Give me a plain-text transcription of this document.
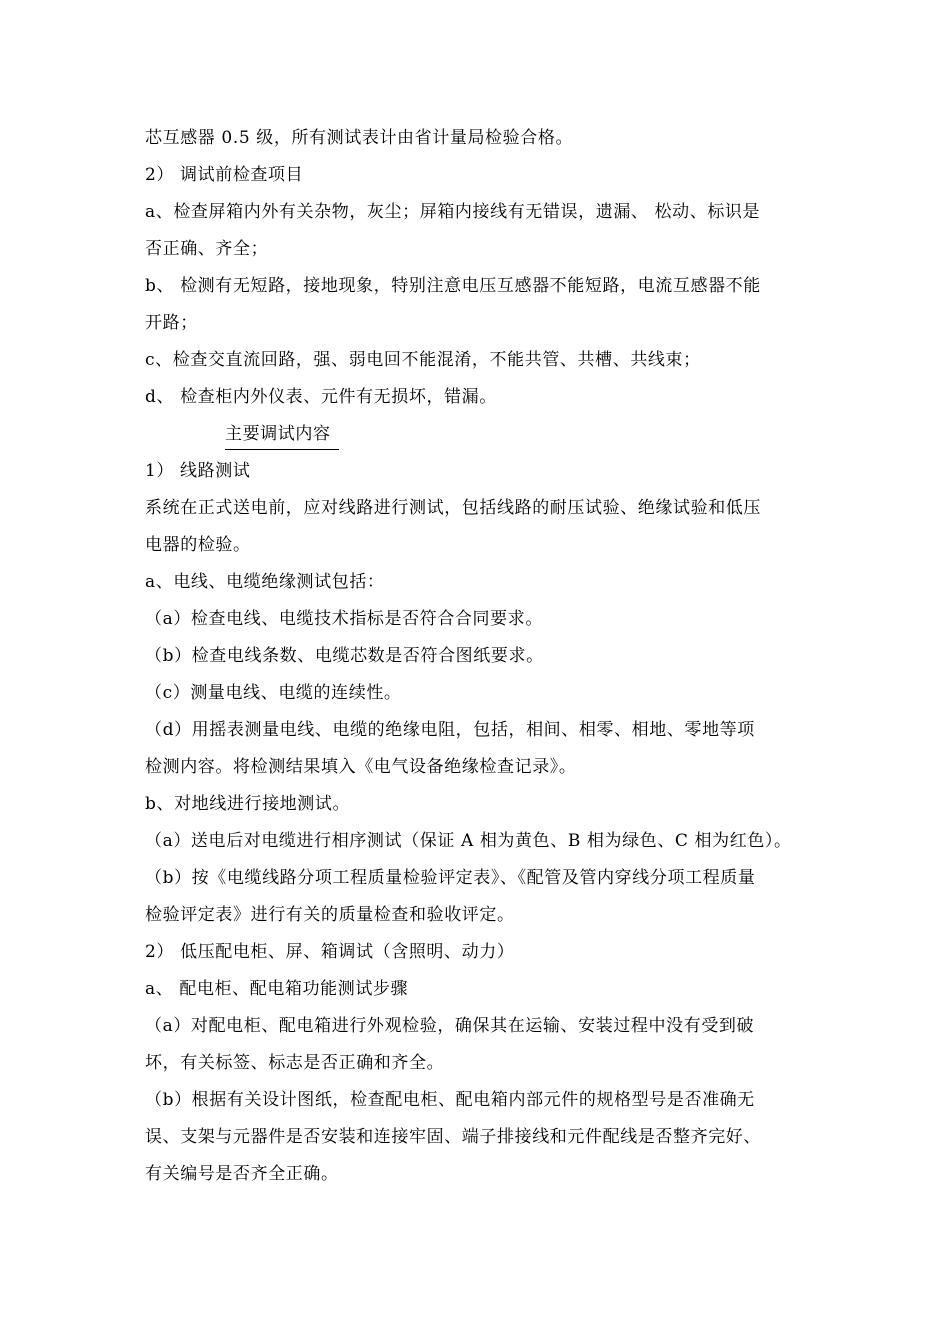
芯互感器 0.5 级，所有测试表计由省计量局检验合格。
2） 调试前检查项目
a、检查屏箱内外有关杂物，灰尘；屏箱内接线有无错误，遗漏、 松动、标识是
否正确、齐全；
b、 检测有无短路，接地现象，特别注意电压互感器不能短路，电流互感器不能
开路；
c、检查交直流回路，强、弱电回不能混淆，不能共管、共槽、共线束；
d、 检查柜内外仪表、元件有无损坏，错漏。
主要调试内容
1） 线路测试
系统在正式送电前，应对线路进行测试，包括线路的耐压试验、绝缘试验和低压
电器的检验。
a、电线、电缆绝缘测试包括：
（a）检查电线、电缆技术指标是否符合合同要求。
（b）检查电线条数、电缆芯数是否符合图纸要求。
（c）测量电线、电缆的连续性。
（d）用摇表测量电线、电缆的绝缘电阻，包括，相间、相零、相地、零地等项
检测内容。将检测结果填入《电气设备绝缘检查记录》。
b、对地线进行接地测试。
（a）送电后对电缆进行相序测试（保证 A 相为黄色、B 相为绿色、C 相为红色）。
（b）按《电缆线路分项工程质量检验评定表》、《配管及管内穿线分项工程质量
检验评定表》进行有关的质量检查和验收评定。
2） 低压配电柜、屏、箱调试（含照明、动力）
a、 配电柜、配电箱功能测试步骤
（a）对配电柜、配电箱进行外观检验，确保其在运输、安装过程中没有受到破
坏，有关标签、标志是否正确和齐全。
（b）根据有关设计图纸，检查配电柜、配电箱内部元件的规格型号是否准确无
误、支架与元器件是否安装和连接牢固、端子排接线和元件配线是否整齐完好、
有关编号是否齐全正确。
